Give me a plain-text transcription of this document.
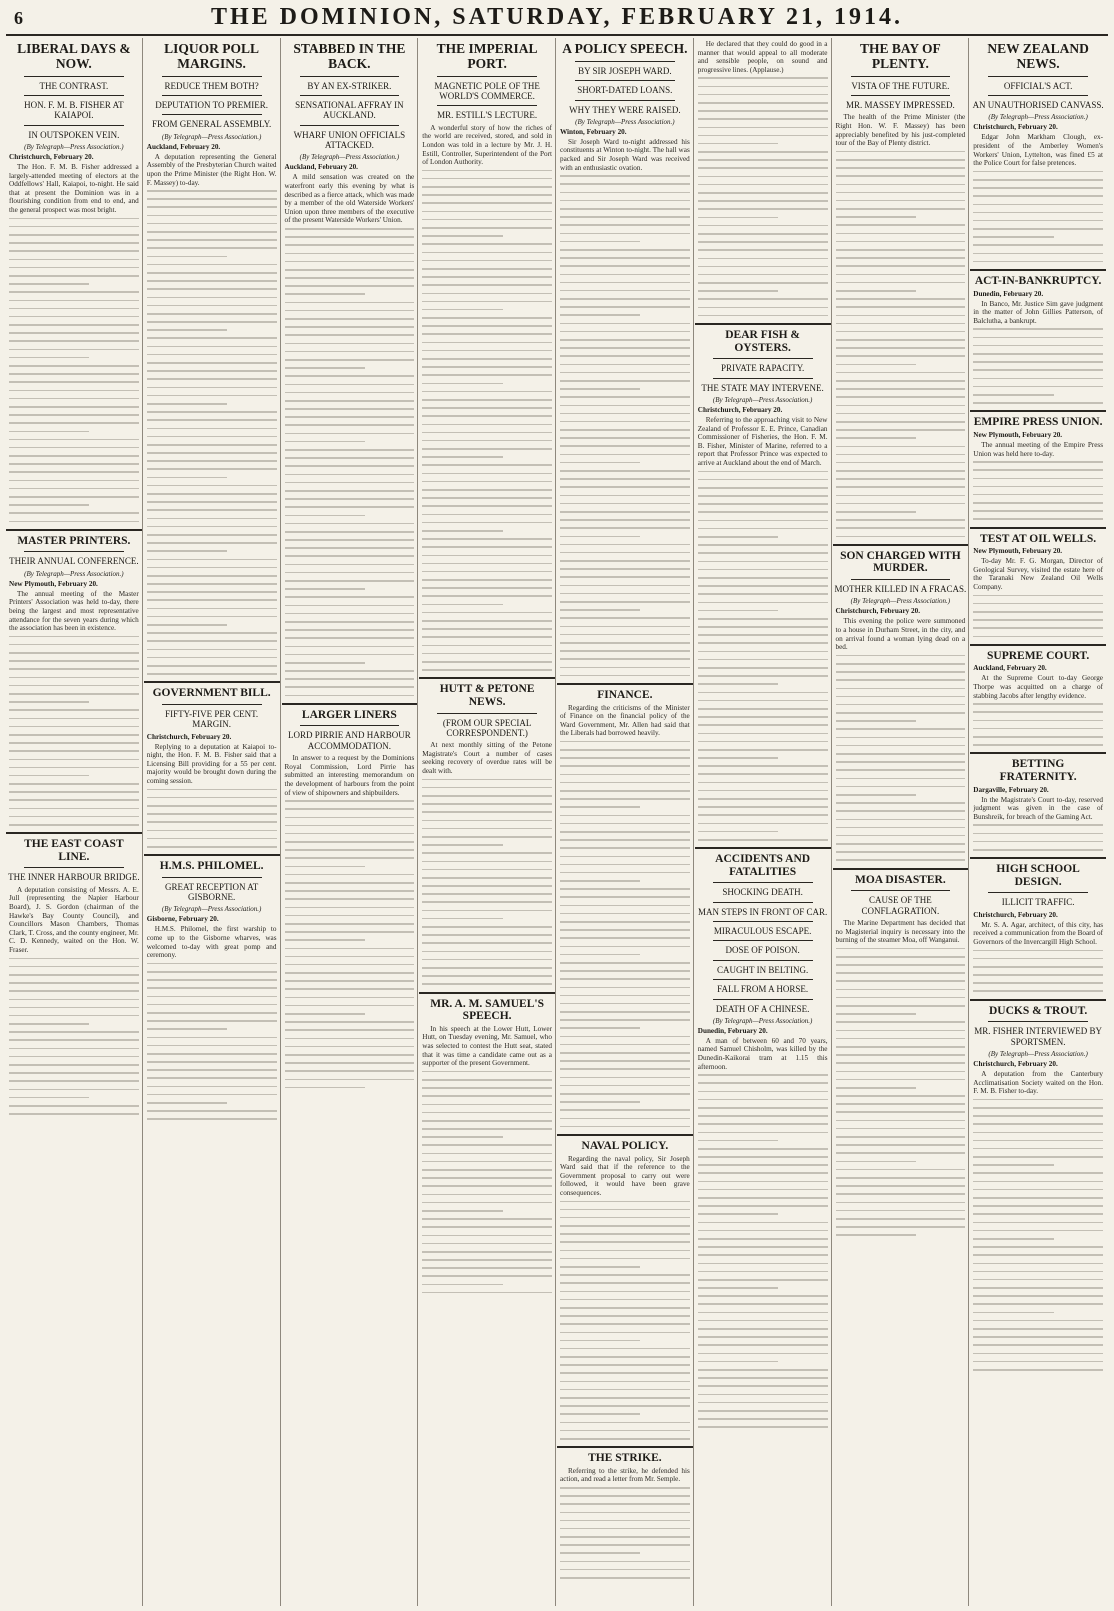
6	THE DOMINION, SATURDAY, FEBRUARY 21, 1914.
LIBERAL DAYS & NOW.
THE CONTRAST.
HON. F. M. B. FISHER AT KAIAPOI.
IN OUTSPOKEN VEIN.
(By Telegraph—Press Association.)
Christchurch, February 20.

The Hon. F. M. B. Fisher addressed a largely-attended meeting of electors at the Oddfellows' Hall, Kaiapoi, to-night. He said that at present the Dominion was in a flourishing condition from end to end, and the general prospect was most bright.

MASTER PRINTERS.
THEIR ANNUAL CONFERENCE.
(By Telegraph—Press Association.)
New Plymouth, February 20.

The annual meeting of the Master Printers' Association was held to-day, there being the largest and most representative attendance for the seven years during which the association has been in existence.

THE EAST COAST LINE.
THE INNER HARBOUR BRIDGE.

A deputation consisting of Messrs. A. E. Jull (representing the Napier Harbour Board), J. S. Gordon (chairman of the Hawke's Bay County Council), and Councillors Mason Chambers, Thomas Clark, T. Cross, and the county engineer, Mr. C. D. Kennedy, waited on the Hon. W. Fraser.

LIQUOR POLL MARGINS.
REDUCE THEM BOTH?
DEPUTATION TO PREMIER.
FROM GENERAL ASSEMBLY.
(By Telegraph—Press Association.)
Auckland, February 20.

A deputation representing the General Assembly of the Presbyterian Church waited upon the Prime Minister (the Right Hon. W. F. Massey) to-day.

GOVERNMENT BILL.
FIFTY-FIVE PER CENT. MARGIN.
Christchurch, February 20.

Replying to a deputation at Kaiapoi to-night, the Hon. F. M. B. Fisher said that a Licensing Bill providing for a 55 per cent. majority would be brought down during the coming session.

H.M.S. PHILOMEL.
GREAT RECEPTION AT GISBORNE.
(By Telegraph—Press Association.)
Gisborne, February 20.

H.M.S. Philomel, the first warship to come up to the Gisborne wharves, was welcomed to-day with great pomp and ceremony.

STABBED IN THE BACK.
BY AN EX-STRIKER.
SENSATIONAL AFFRAY IN AUCKLAND.
WHARF UNION OFFICIALS ATTACKED.
(By Telegraph—Press Association.)
Auckland, February 20.

A mild sensation was created on the waterfront early this evening by what is described as a fierce attack, which was made by a member of the old Waterside Workers' Union upon three members of the executive of the present Waterside Workers' Union.

LARGER LINERS
LORD PIRRIE AND HARBOUR ACCOMMODATION.

In answer to a request by the Dominions Royal Commission, Lord Pirrie has submitted an interesting memorandum on the development of harbours from the point of view of shipowners and shipbuilders.

THE IMPERIAL PORT.
MAGNETIC POLE OF THE WORLD'S COMMERCE.
MR. ESTILL'S LECTURE.

A wonderful story of how the riches of the world are received, stored, and sold in London was told in a lecture by Mr. J. H. Estill, Controller, Superintendent of the Port of London Authority.

HUTT & PETONE NEWS.
(FROM OUR SPECIAL CORRESPONDENT.)

At next monthly sitting of the Petone Magistrate's Court a number of cases seeking recovery of overdue rates will be dealt with.

MR. A. M. SAMUEL'S SPEECH.

In his speech at the Lower Hutt, Lower Hutt, on Tuesday evening, Mr. Samuel, who was selected to contest the Hutt seat, stated that it was time a candidate came out as a supporter of the present Government.

A POLICY SPEECH.
BY SIR JOSEPH WARD.
SHORT-DATED LOANS.
WHY THEY WERE RAISED.
(By Telegraph—Press Association.)
Winton, February 20.

Sir Joseph Ward to-night addressed his constituents at Winton to-night. The hall was packed and Sir Joseph Ward was received with an enthusiastic ovation.

FINANCE.

Regarding the criticisms of the Minister of Finance on the financial policy of the Ward Government, Mr. Allen had said that the Liberals had borrowed heavily.

NAVAL POLICY.

Regarding the naval policy, Sir Joseph Ward said that if the reference to the Government proposal to carry out were followed, it would have been grave consequences.

THE STRIKE.

Referring to the strike, he defended his action, and read a letter from Mr. Semple.

He declared that they could do good in a manner that would appeal to all moderate and sensible people, on sound and progressive lines. (Applause.)

DEAR FISH & OYSTERS.
PRIVATE RAPACITY.
THE STATE MAY INTERVENE.
(By Telegraph—Press Association.)
Christchurch, February 20.

Referring to the approaching visit to New Zealand of Professor E. E. Prince, Canadian Commissioner of Fisheries, the Hon. F. M. B. Fisher, Minister of Marine, referred to a report that Professor Prince was expected to arrive at Auckland about the end of March.

ACCIDENTS AND FATALITIES
SHOCKING DEATH.
MAN STEPS IN FRONT OF CAR.
MIRACULOUS ESCAPE.
DOSE OF POISON.
CAUGHT IN BELTING.
FALL FROM A HORSE.
DEATH OF A CHINESE.
(By Telegraph—Press Association.)
Dunedin, February 20.

A man of between 60 and 70 years, named Samuel Chisholm, was killed by the Dunedin-Kaikorai tram at 1.15 this afternoon.

THE BAY OF PLENTY.
VISTA OF THE FUTURE.
MR. MASSEY IMPRESSED.

The health of the Prime Minister (the Right Hon. W. F. Massey) has been appreciably benefited by his just-completed tour of the Bay of Plenty district.

SON CHARGED WITH MURDER.
MOTHER KILLED IN A FRACAS.
(By Telegraph—Press Association.)
Christchurch, February 20.

This evening the police were summoned to a house in Durham Street, in the city, and on arrival found a woman lying dead on a bed.

MOA DISASTER.
CAUSE OF THE CONFLAGRATION.

The Marine Department has decided that no Magisterial inquiry is necessary into the burning of the steamer Moa, off Wanganui.

NEW ZEALAND NEWS.
OFFICIAL'S ACT.
AN UNAUTHORISED CANVASS.
(By Telegraph—Press Association.)
Christchurch, February 20.

Edgar John Markham Clough, ex-president of the Amberley Women's Workers' Union, Lyttelton, was fined £5 at the Police Court for false pretences.

ACT-IN-BANKRUPTCY.
Dunedin, February 20.

In Banco, Mr. Justice Sim gave judgment in the matter of John Gillies Patterson, of Balclutha, a bankrupt.

EMPIRE PRESS UNION.
New Plymouth, February 20.

The annual meeting of the Empire Press Union was held here to-day.

TEST AT OIL WELLS.
New Plymouth, February 20.

To-day Mr. F. G. Morgan, Director of Geological Survey, visited the estate here of the Taranaki New Zealand Oil Wells Company.

SUPREME COURT.
Auckland, February 20.

At the Supreme Court to-day George Thorpe was acquitted on a charge of stabbing Jacobs after lengthy evidence.

BETTING FRATERNITY.
Dargaville, February 20.

In the Magistrate's Court to-day, reserved judgment was given in the case of Bunshreik, for breach of the Gaming Act.

HIGH SCHOOL DESIGN.
ILLICIT TRAFFIC.
Christchurch, February 20.

Mr. S. A. Agar, architect, of this city, has received a communication from the Board of Governors of the Invercargill High School.

DUCKS & TROUT.
MR. FISHER INTERVIEWED BY SPORTSMEN.
(By Telegraph—Press Association.)
Christchurch, February 20.

A deputation from the Canterbury Acclimatisation Society waited on the Hon. F. M. B. Fisher to-day.
